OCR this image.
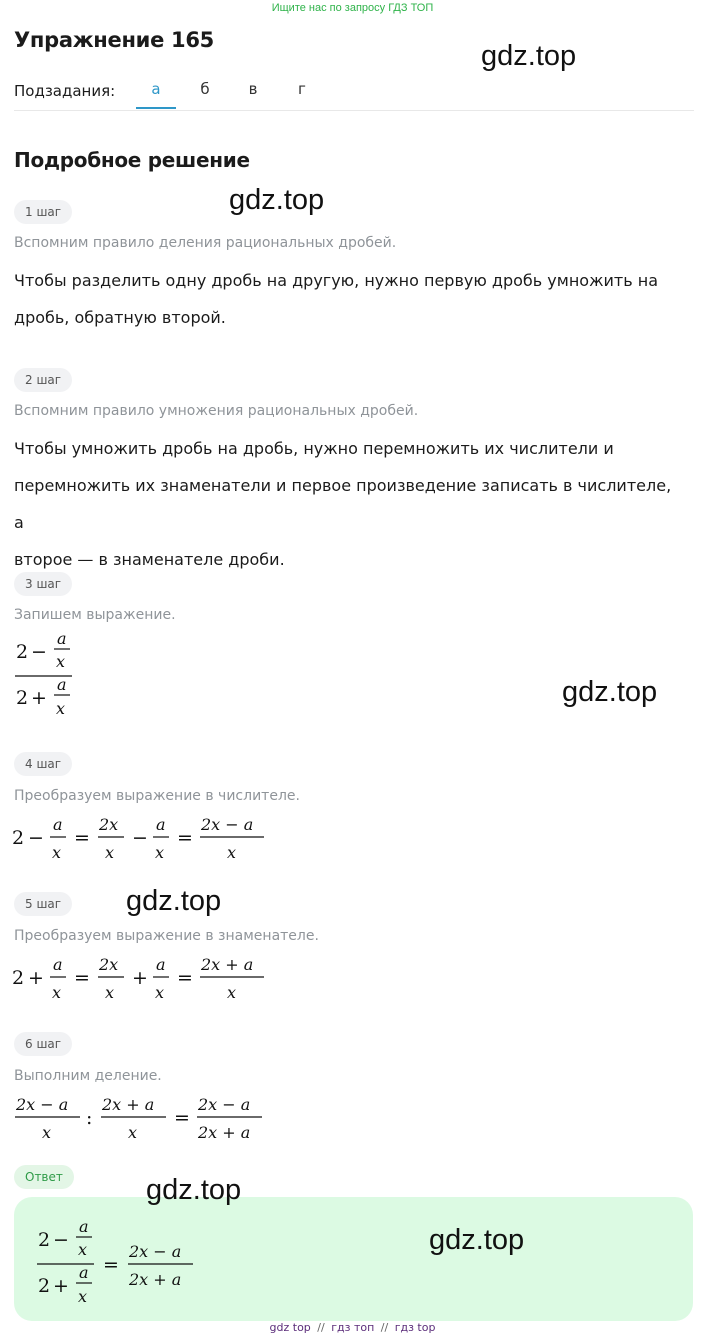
Ищите нас по запросу ГДЗ ТОП
Упражнение 165	gdz.top
Подзадания:	а	б	в	г
Подробное решение
1 шаг	gdz.top
Вспомним правило деления рациональных дробей.
Чтобы разделить одну дробь на другую, нужно первую дробь умножить на
дробь, обратную второй.
2 шаг
Вспомним правило умножения рациональных дробей.
Чтобы умножить дробь на дробь, нужно перемножить их числители и
перемножить их знаменатели и первое произведение записать в числителе, а
второе — в знаменателе дроби.
3 шаг
Запишем выражение.
2 −
a
x
2 +
a
x
gdz.top
4 шаг
Преобразуем выражение в числителе.
2 −
a
x
=
2x
x
−
a
x
=
2x − a
x
5 шаг	gdz.top
Преобразуем выражение в знаменателе.
2 +
a
x
=
2x
x
+
a
x
=
2x + a
x
6 шаг
Выполним деление.
2x − a
x
:
2x + a
x
=
2x − a
2x + a
Ответ	gdz.top
gdz.top
2 −
a
x
2 +
a
x
=
2x − a
2x + a
gdz top // гдз топ // гдз top
